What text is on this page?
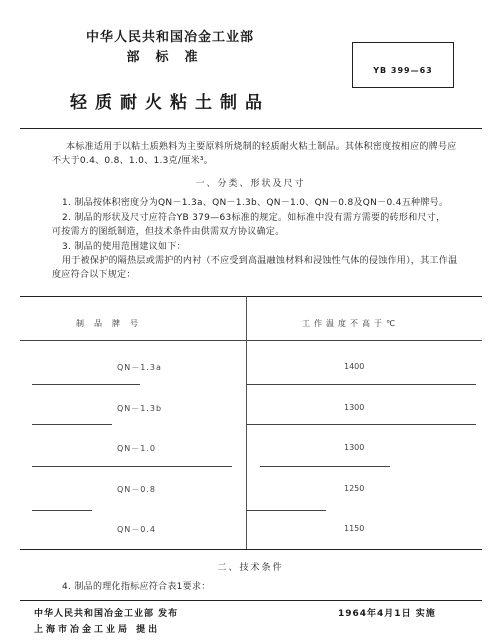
中华人民共和国冶金工业部
部标准
YB 399—63
轻质耐火粘土制品
本标准适用于以粘土质熟料为主要原料所烧制的轻质耐火粘土制品。其体积密度按相应的牌号应
不大于0.4、0.8、1.0、1.3克/厘米³。
一、分类、形状及尺寸
1. 制品按体积密度分为QN－1.3a、QN－1.3b、QN－1.0、QN－0.8及QN－0.4五种牌号。
2. 制品的形状及尺寸应符合YB 379—63标准的规定。如标准中没有需方需要的砖形和尺寸，
可按需方的图纸制造，但技术条件由供需双方协议确定。
3. 制品的使用范围建议如下：
用于被保护的隔热层或需护的内衬（不应受到高温融蚀材料和浸蚀性气体的侵蚀作用），其工作温
度应符合以下规定：
制品牌号	工作温度不高于℃
QN－1.3a	1400
QN－1.3b	1300
QN－1.0	1300
QN－0.8	1250
QN－0.4	1150
二、技术条件
4. 制品的理化指标应符合表1要求：
中华人民共和国冶金工业部 发布
上海市冶金工业局 提出
1964年4月1日 实施
